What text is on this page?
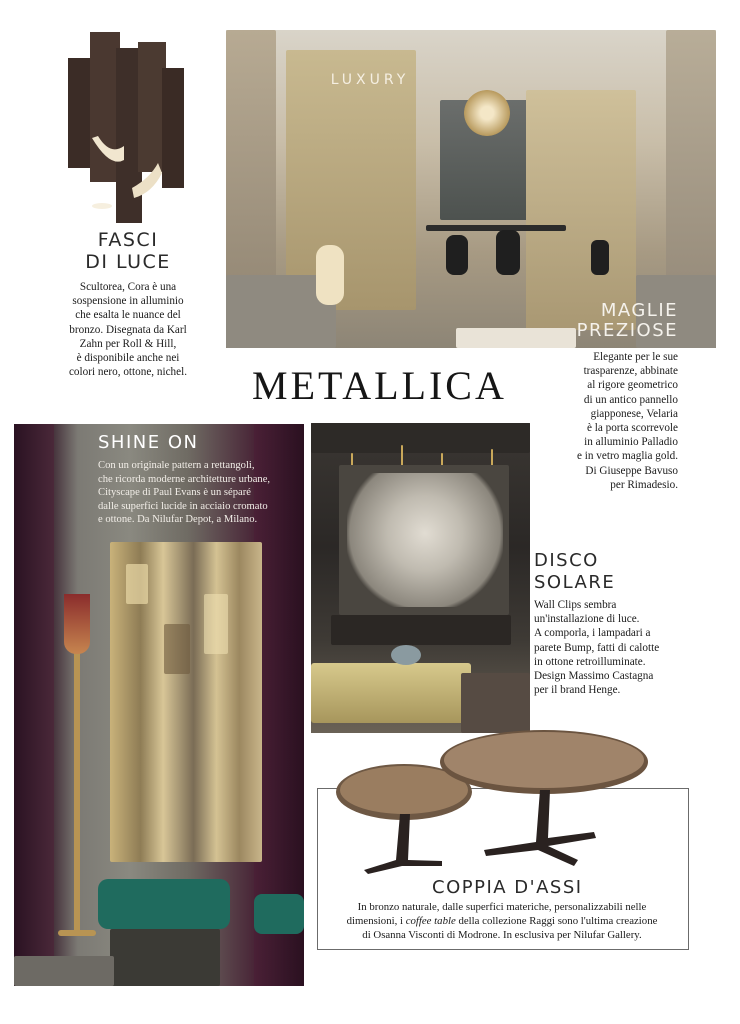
FASCI
DI LUCE
Scultorea, Cora è una
sospensione in alluminio
che esalta le nuance del
bronzo. Disegnata da Karl
Zahn per Roll & Hill,
è disponibile anche nei
colori nero, ottone, nichel.
LUXURY
MAGLIE
PREZIOSE
METALLICA
Elegante per le sue
trasparenze, abbinate
al rigore geometrico
di un antico pannello
giapponese, Velaria
è la porta scorrevole
in alluminio Palladio
e in vetro maglia gold.
Di Giuseppe Bavuso
per Rimadesio.
SHINE ON
Con un originale pattern a rettangoli,
che ricorda moderne architetture urbane,
Cityscape di Paul Evans è un séparé
dalle superfici lucide in acciaio cromato
e ottone. Da Nilufar Depot, a Milano.
DISCO
SOLARE
Wall Clips sembra
un'installazione di luce.
A comporla, i lampadari a
parete Bump, fatti di calotte
in ottone retroilluminate.
Design Massimo Castagna
per il brand Henge.
COPPIA D'ASSI
In bronzo naturale, dalle superfici materiche, personalizzabili nelle
dimensioni, i coffee table della collezione Raggi sono l'ultima creazione
di Osanna Visconti di Modrone. In esclusiva per Nilufar Gallery.
